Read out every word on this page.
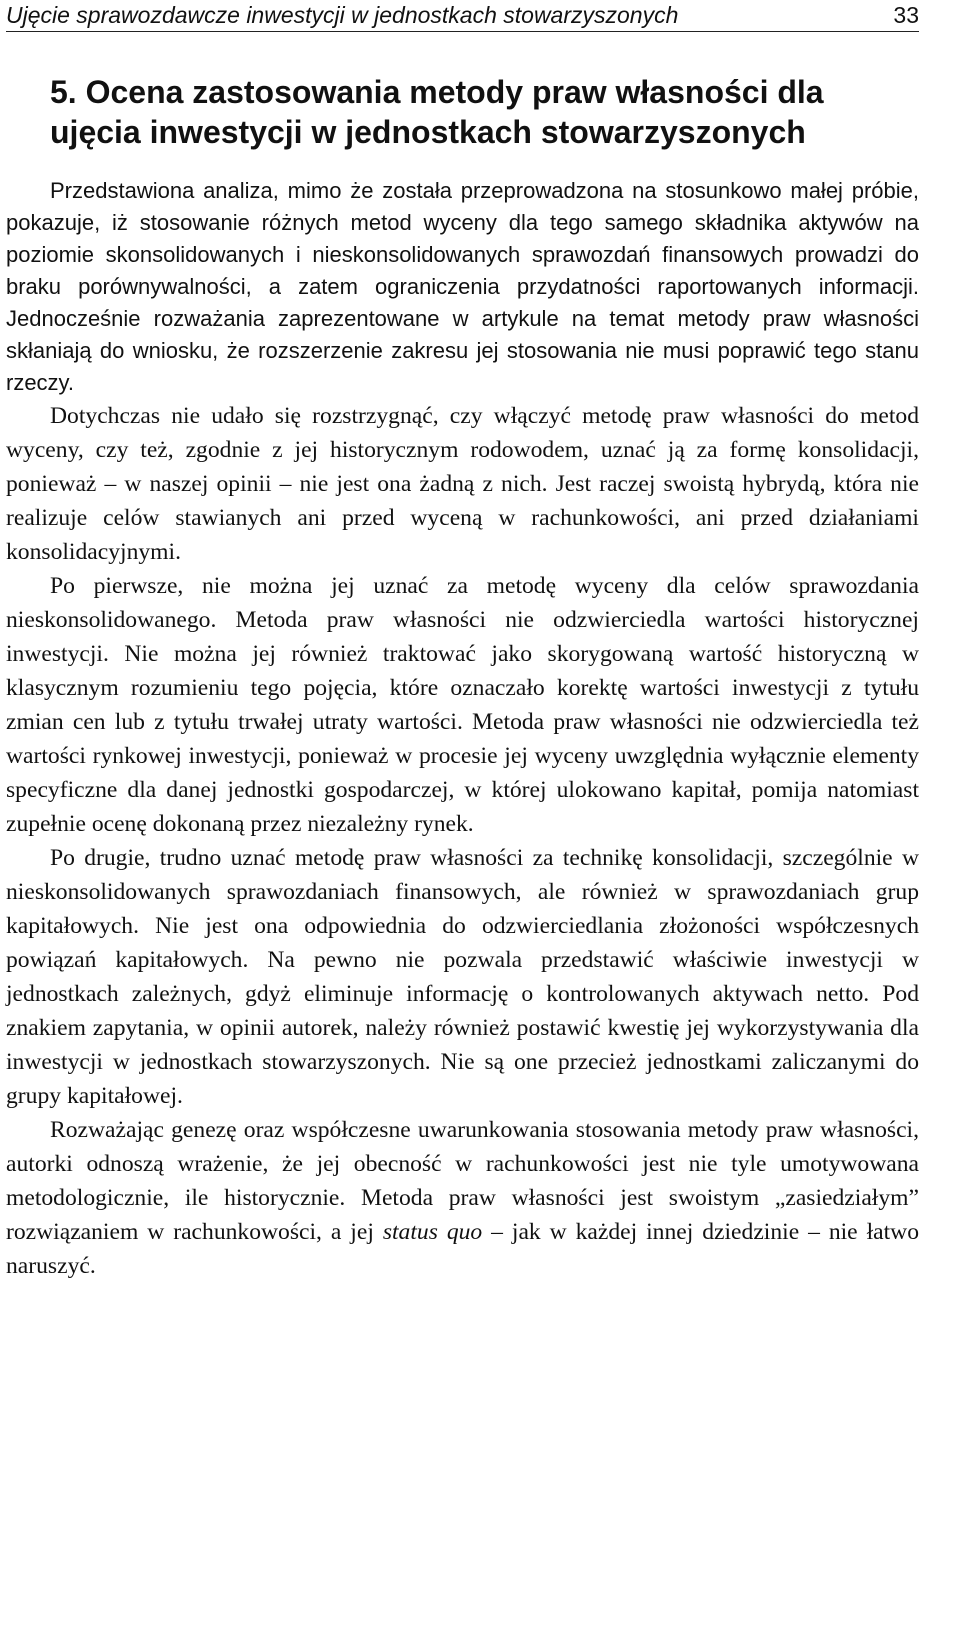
Ujęcie sprawozdawcze inwestycji w jednostkach stowarzyszonych	33
5. Ocena zastosowania metody praw własności dla
ujęcia inwestycji w jednostkach stowarzyszonych

Przedstawiona analiza, mimo że została przeprowadzona na stosunkowo małej próbie, pokazuje, iż stosowanie różnych metod wyceny dla tego samego składnika aktywów na poziomie skonsolidowanych i nieskonsolidowanych sprawozdań finansowych prowadzi do braku porównywalności, a zatem ograniczenia przydatności raportowanych informacji. Jednocześnie rozważania zaprezentowane w artykule na temat metody praw własności skłaniają do wniosku, że rozszerzenie zakresu jej stosowania nie musi poprawić tego stanu rzeczy.

Dotychczas nie udało się rozstrzygnąć, czy włączyć metodę praw własności do metod wyceny, czy też, zgodnie z jej historycznym rodowodem, uznać ją za formę konsolidacji, ponieważ – w naszej opinii – nie jest ona żadną z nich. Jest raczej swoistą hybrydą, która nie realizuje celów stawianych ani przed wyceną w rachunkowości, ani przed działaniami konsolidacyjnymi.

Po pierwsze, nie można jej uznać za metodę wyceny dla celów sprawozdania nieskonsolidowanego. Metoda praw własności nie odzwierciedla wartości historycznej inwestycji. Nie można jej również traktować jako skorygowaną wartość historyczną w klasycznym rozumieniu tego pojęcia, które oznaczało korektę wartości inwestycji z tytułu zmian cen lub z tytułu trwałej utraty wartości. Metoda praw własności nie odzwierciedla też wartości rynkowej inwestycji, ponieważ w procesie jej wyceny uwzględnia wyłącznie elementy specyficzne dla danej jednostki gospodarczej, w której ulokowano kapitał, pomija natomiast zupełnie ocenę dokonaną przez niezależny rynek.

Po drugie, trudno uznać metodę praw własności za technikę konsolidacji, szczególnie w nieskonsolidowanych sprawozdaniach finansowych, ale również w sprawozdaniach grup kapitałowych. Nie jest ona odpowiednia do odzwierciedlania złożoności współczesnych powiązań kapitałowych. Na pewno nie pozwala przedstawić właściwie inwestycji w jednostkach zależnych, gdyż eliminuje informację o kontrolowanych aktywach netto. Pod znakiem zapytania, w opinii autorek, należy również postawić kwestię jej wykorzystywania dla inwestycji w jednostkach stowarzyszonych. Nie są one przecież jednostkami zaliczanymi do grupy kapitałowej.

Rozważając genezę oraz współczesne uwarunkowania stosowania metody praw własności, autorki odnoszą wrażenie, że jej obecność w rachunkowości jest nie tyle umotywowana metodologicznie, ile historycznie. Metoda praw własności jest swoistym „zasiedziałym” rozwiązaniem w rachunkowości, a jej status quo – jak w każdej innej dziedzinie – nie łatwo naruszyć.
